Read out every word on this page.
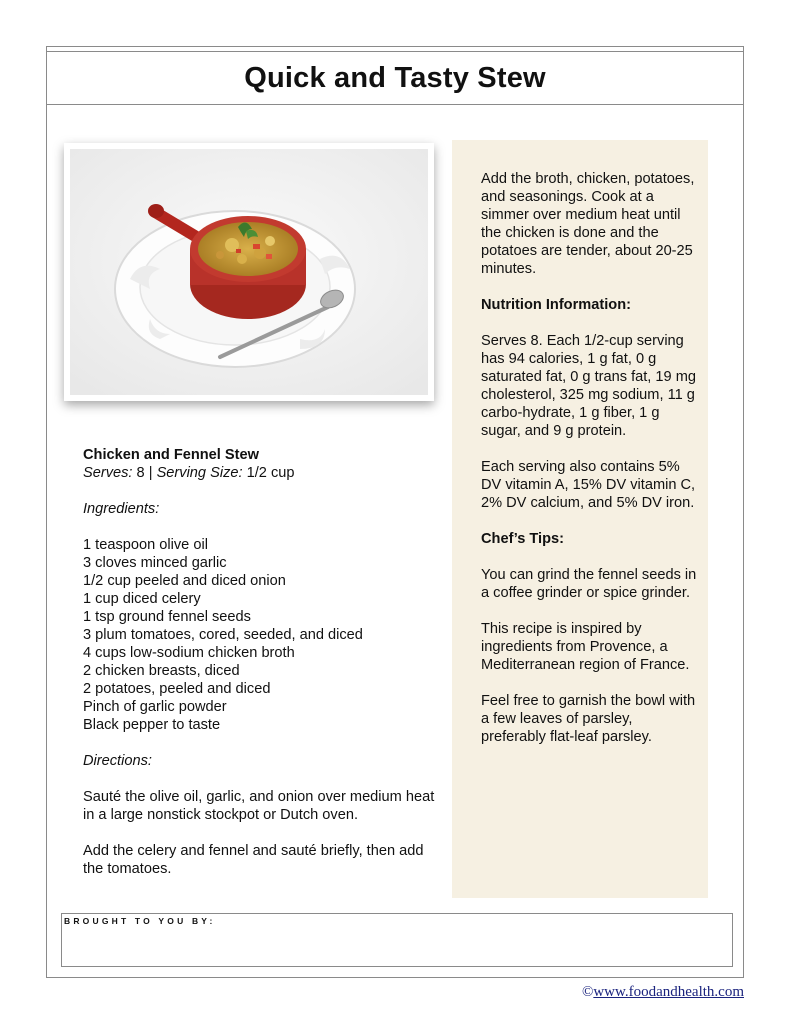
Quick and Tasty Stew

Chicken and Fennel Stew

Serves: 8 | Serving Size: 1/2 cup

Ingredients:

1 teaspoon olive oil

3 cloves minced garlic

1/2 cup peeled and diced onion

1 cup diced celery

1 tsp ground fennel seeds

3 plum tomatoes, cored, seeded, and diced

4 cups low-sodium chicken broth

2 chicken breasts, diced

2 potatoes, peeled and diced

Pinch of garlic powder

Black pepper to taste

Directions:

Sauté the olive oil, garlic, and onion over medium heat in a large nonstick stockpot or Dutch oven.

Add the celery and fennel and sauté briefly, then add the tomatoes.

Add the broth, chicken, potatoes, and seasonings. Cook at a simmer over medium heat until the chicken is done and the potatoes are tender, about 20-25 minutes.

Nutrition Information:

Serves 8. Each 1/2-cup serving has 94 calories, 1 g fat, 0 g saturated fat, 0 g trans fat, 19 mg cholesterol, 325 mg sodium, 11 g carbo-hydrate, 1 g fiber, 1 g sugar, and 9 g protein.

Each serving also contains 5% DV vitamin A, 15% DV vitamin C, 2% DV calcium, and 5% DV iron.

Chef’s Tips:

You can grind the fennel seeds in a coffee grinder or spice grinder.

This recipe is inspired by ingredients from Provence, a Mediterranean region of France.

Feel free to garnish the bowl with a few leaves of parsley, preferably flat-leaf parsley.

BROUGHT TO YOU BY:
©www.foodandhealth.com
